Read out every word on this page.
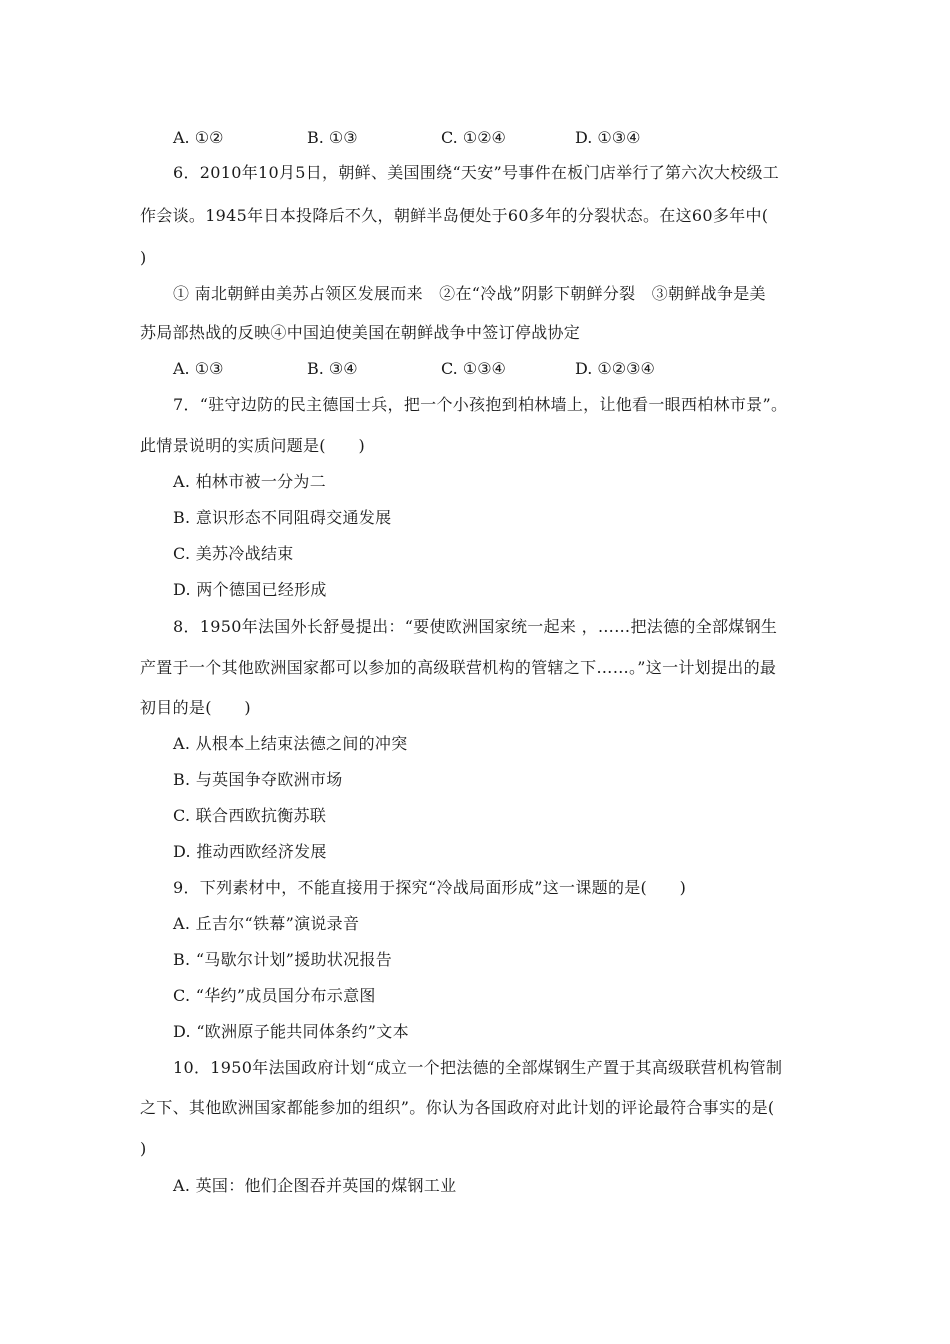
A. ①②

	B. ①③

	C. ①②④

	D. ①③④

6．2010年10月5日，朝鲜、美国围绕“天安”号事件在板门店举行了第六次大校级工
作会谈。1945年日本投降后不久，朝鲜半岛便处于60多年的分裂状态。在这60多年中(
)
① 南北朝鲜由美苏占领区发展而来　②在“冷战”阴影下朝鲜分裂　③朝鲜战争是美
苏局部热战的反映④中国迫使美国在朝鲜战争中签订停战协定

A. ①③

	B. ③④

	C. ①③④

	D. ①②③④

7．“驻守边防的民主德国士兵，把一个小孩抱到柏林墙上，让他看一眼西柏林市景”。
此情景说明的实质问题是(　　)
A. 柏林市被一分为二
B. 意识形态不同阻碍交通发展
C. 美苏冷战结束
D. 两个德国已经形成
8．1950年法国外长舒曼提出：“要使欧洲国家统一起来 ，……把法德的全部煤钢生
产置于一个其他欧洲国家都可以参加的高级联营机构的管辖之下……。”这一计划提出的最
初目的是(　　)
A. 从根本上结束法德之间的冲突
B. 与英国争夺欧洲市场
C. 联合西欧抗衡苏联
D. 推动西欧经济发展
9．下列素材中，不能直接用于探究“冷战局面形成”这一课题的是(　　)
A. 丘吉尔“铁幕”演说录音
B. “马歇尔计划”援助状况报告
C. “华约”成员国分布示意图
D. “欧洲原子能共同体条约”文本
10．1950年法国政府计划“成立一个把法德的全部煤钢生产置于其高级联营机构管制
之下、其他欧洲国家都能参加的组织”。你认为各国政府对此计划的评论最符合事实的是(
)
A. 英国：他们企图吞并英国的煤钢工业
